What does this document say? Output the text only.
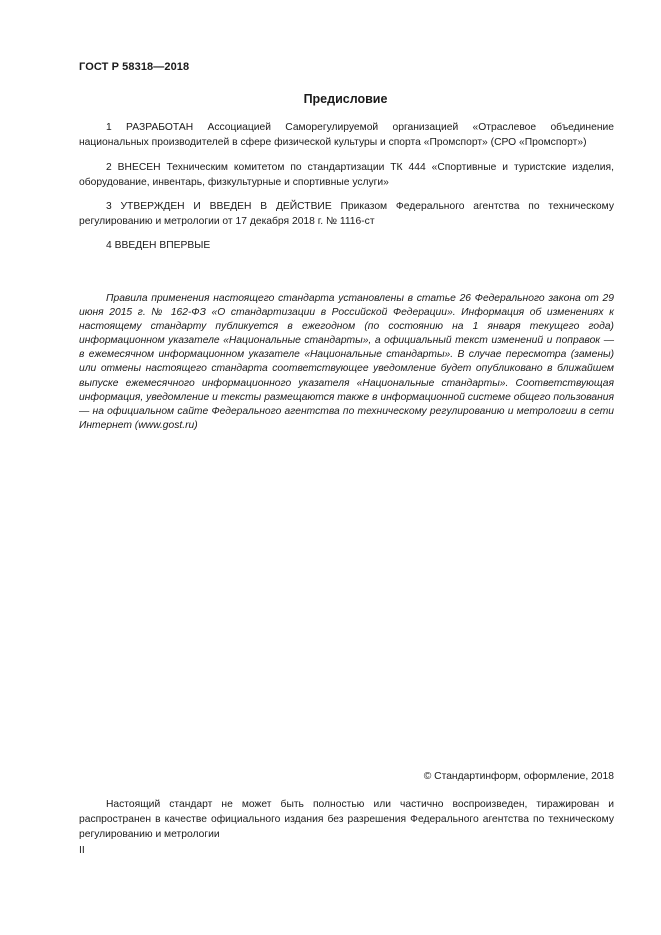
ГОСТ Р 58318—2018
Предисловие

1 РАЗРАБОТАН Ассоциацией Саморегулируемой организацией «Отраслевое объединение национальных производителей в сфере физической культуры и спорта «Промспорт» (СРО «Промспорт»)

2 ВНЕСЕН Техническим комитетом по стандартизации ТК 444 «Спортивные и туристские изделия, оборудование, инвентарь, физкультурные и спортивные услуги»

3 УТВЕРЖДЕН И ВВЕДЕН В ДЕЙСТВИЕ Приказом Федерального агентства по техническому регулированию и метрологии от 17 декабря 2018 г. № 1116-ст

4 ВВЕДЕН ВПЕРВЫЕ

Правила применения настоящего стандарта установлены в статье 26 Федерального закона от 29 июня 2015 г. № 162-ФЗ «О стандартизации в Российской Федерации». Информация об изменениях к настоящему стандарту публикуется в ежегодном (по состоянию на 1 января текущего года) информационном указателе «Национальные стандарты», а официальный текст изменений и поправок — в ежемесячном информационном указателе «Национальные стандарты». В случае пересмотра (замены) или отмены настоящего стандарта соответствующее уведомление будет опубликовано в ближайшем выпуске ежемесячного информационного указателя «Национальные стандарты». Соответствующая информация, уведомление и тексты размещаются также в информационной системе общего пользования — на официальном сайте Федерального агентства по техническому регулированию и метрологии в сети Интернет (www.gost.ru)

© Стандартинформ, оформление, 2018

Настоящий стандарт не может быть полностью или частично воспроизведен, тиражирован и распространен в качестве официального издания без разрешения Федерального агентства по техническому регулированию и метрологии

II
